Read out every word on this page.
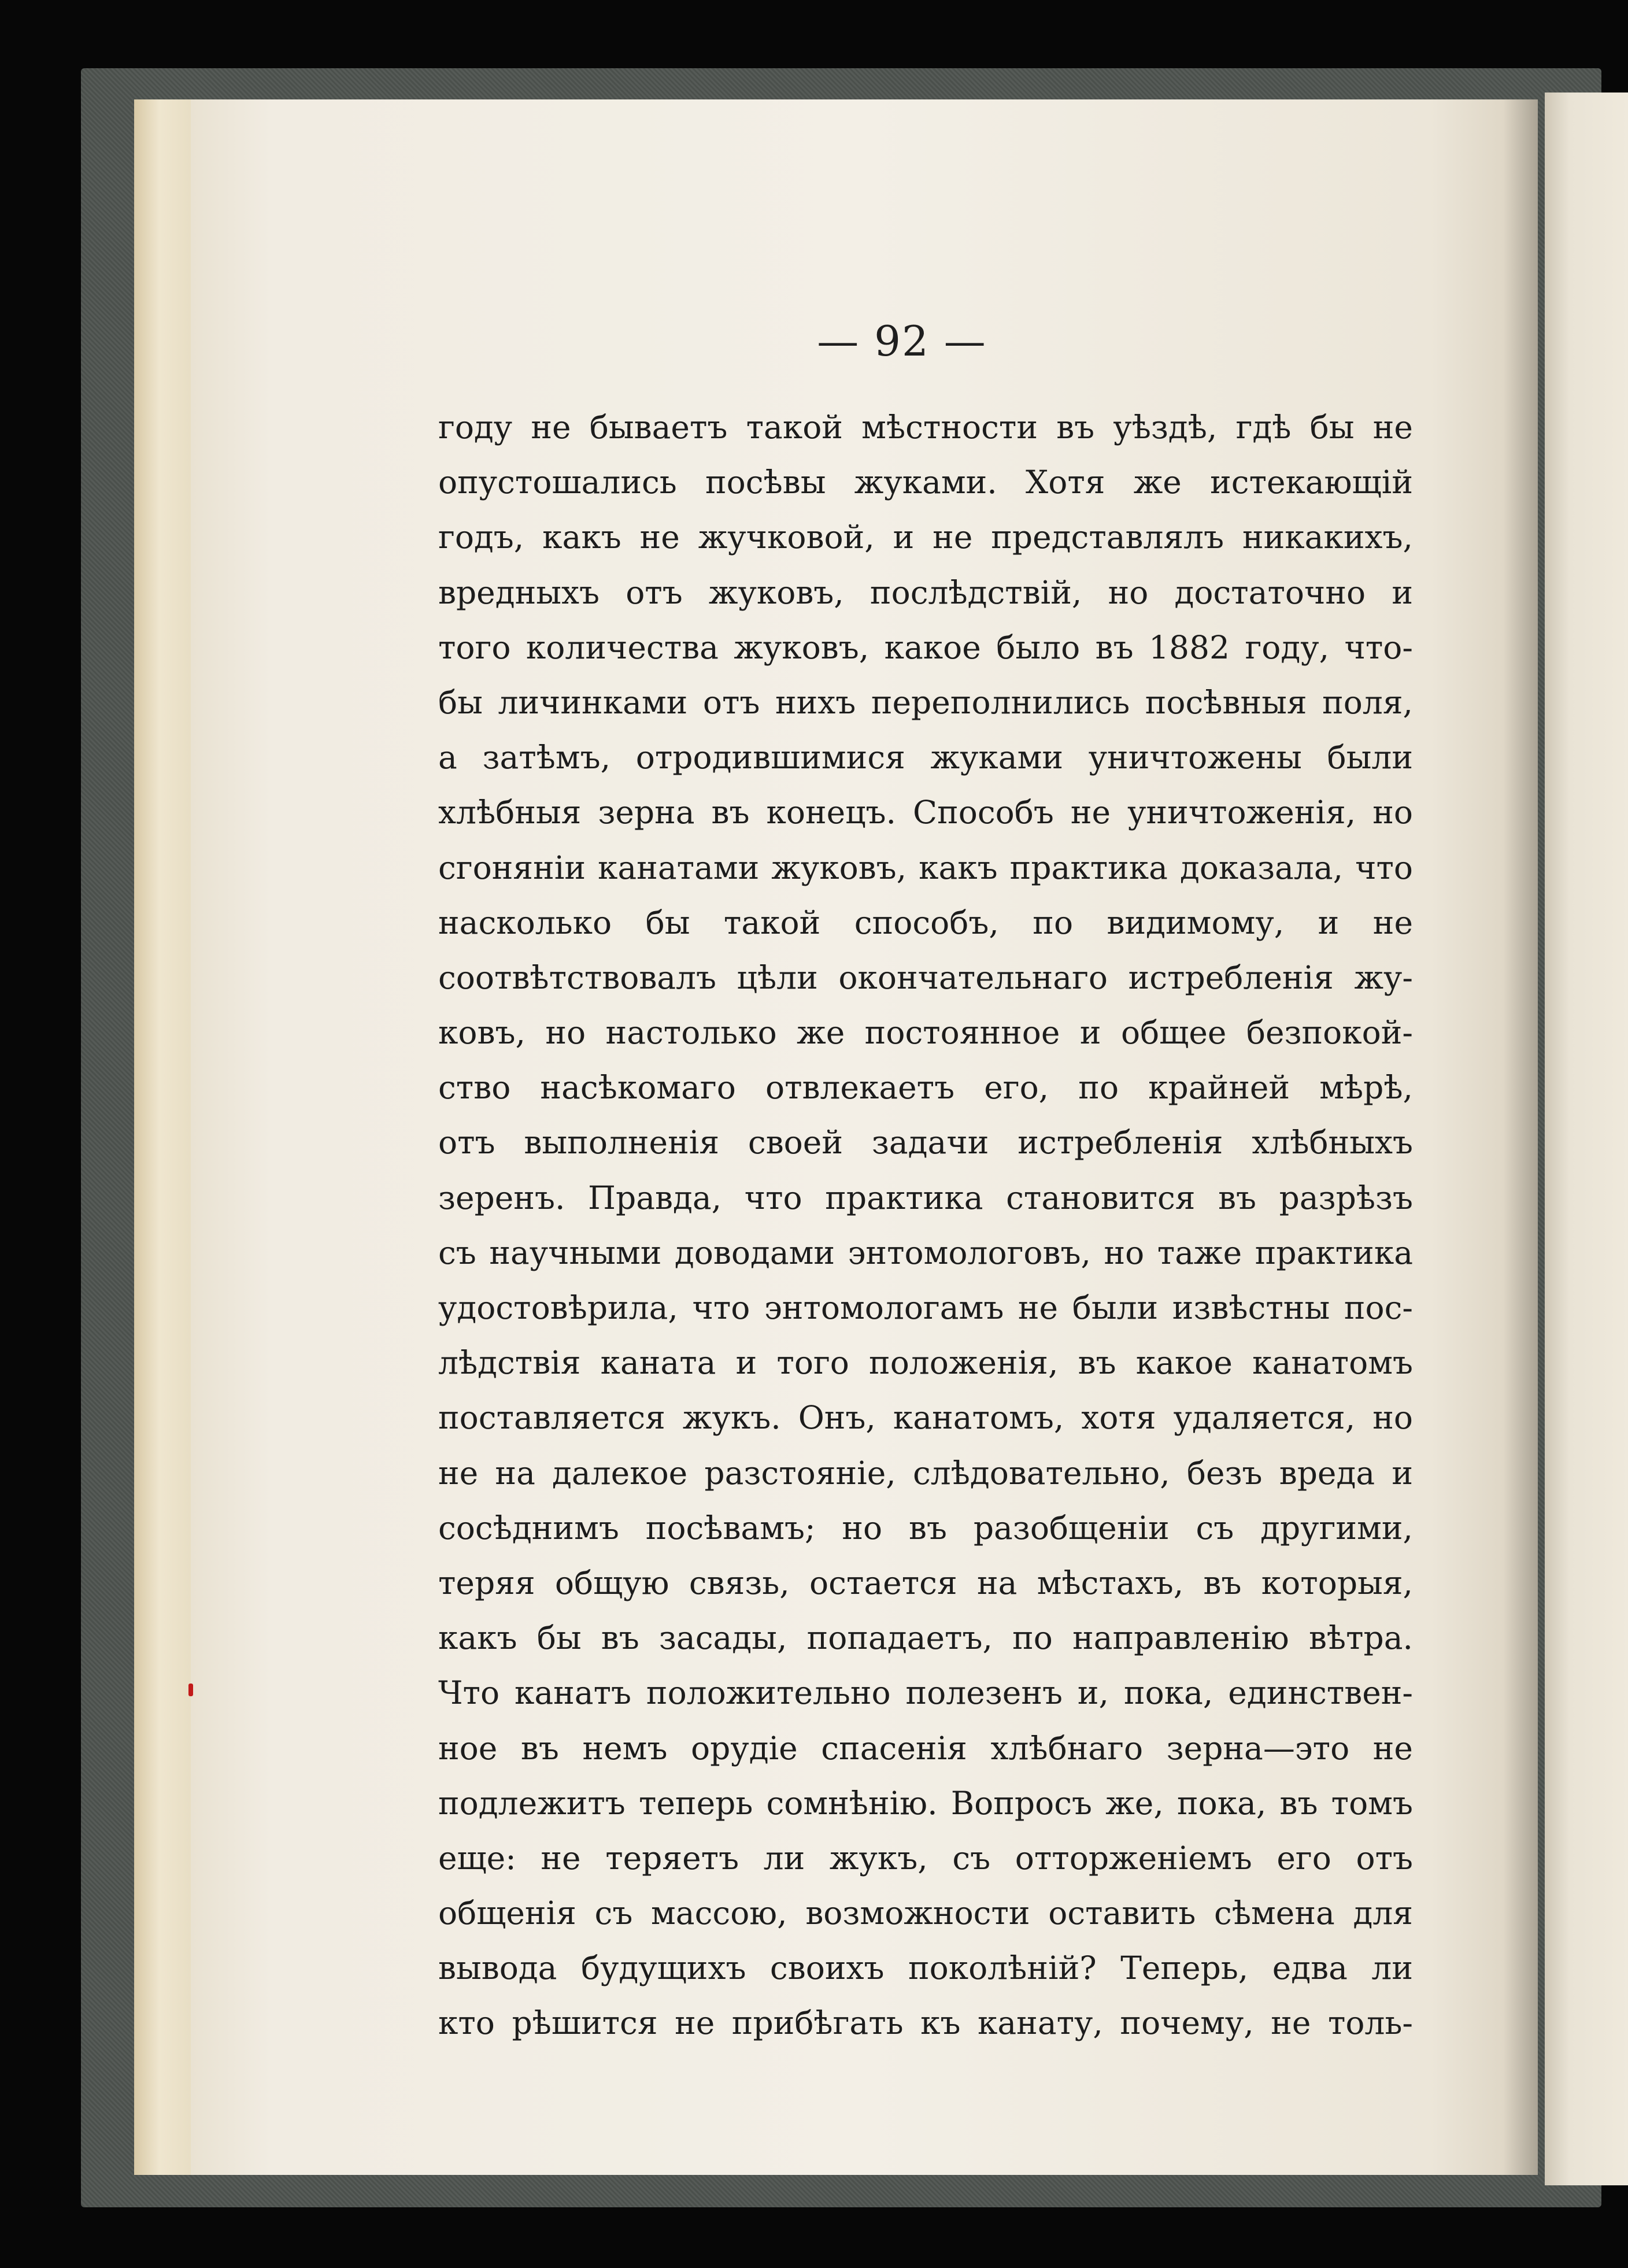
— 92 —
году не бываетъ такой мѣстности въ уѣздѣ, гдѣ бы не
опустошались посѣвы жуками. Хотя же истекающій
годъ, какъ не жучковой, и не представлялъ никакихъ,
вредныхъ отъ жуковъ, послѣдствій, но достаточно и
того количества жуковъ, какое было въ 1882 году, что-
бы личинками отъ нихъ переполнились посѣвныя поля,
а затѣмъ, отродившимися жуками уничтожены были
хлѣбныя зерна въ конецъ. Способъ не уничтоженія, но
сгоняніи канатами жуковъ, какъ практика доказала, что
насколько бы такой способъ, по видимому, и не
соотвѣтствовалъ цѣли окончательнаго истребленія жу-
ковъ, но настолько же постоянное и общее безпокой-
ство насѣкомаго отвлекаетъ его, по крайней мѣрѣ,
отъ выполненія своей задачи истребленія хлѣбныхъ
зеренъ. Правда, что практика становится въ разрѣзъ
съ научными доводами энтомологовъ, но таже практика
удостовѣрила, что энтомологамъ не были извѣстны пос-
лѣдствія каната и того положенія, въ какое канатомъ
поставляется жукъ. Онъ, канатомъ, хотя удаляется, но
не на далекое разстояніе, слѣдовательно, безъ вреда и
сосѣднимъ посѣвамъ; но въ разобщеніи съ другими,
теряя общую связь, остается на мѣстахъ, въ которыя,
какъ бы въ засады, попадаетъ, по направленію вѣтра.
Что канатъ положительно полезенъ и, пока, единствен-
ное въ немъ орудіе спасенія хлѣбнаго зерна—это не
подлежитъ теперь сомнѣнію. Вопросъ же, пока, въ томъ
еще: не теряетъ ли жукъ, съ отторженіемъ его отъ
общенія съ массою, возможности оставить сѣмена для
вывода будущихъ своихъ поколѣній? Теперь, едва ли
кто рѣшится не прибѣгать къ канату, почему, не толь-
